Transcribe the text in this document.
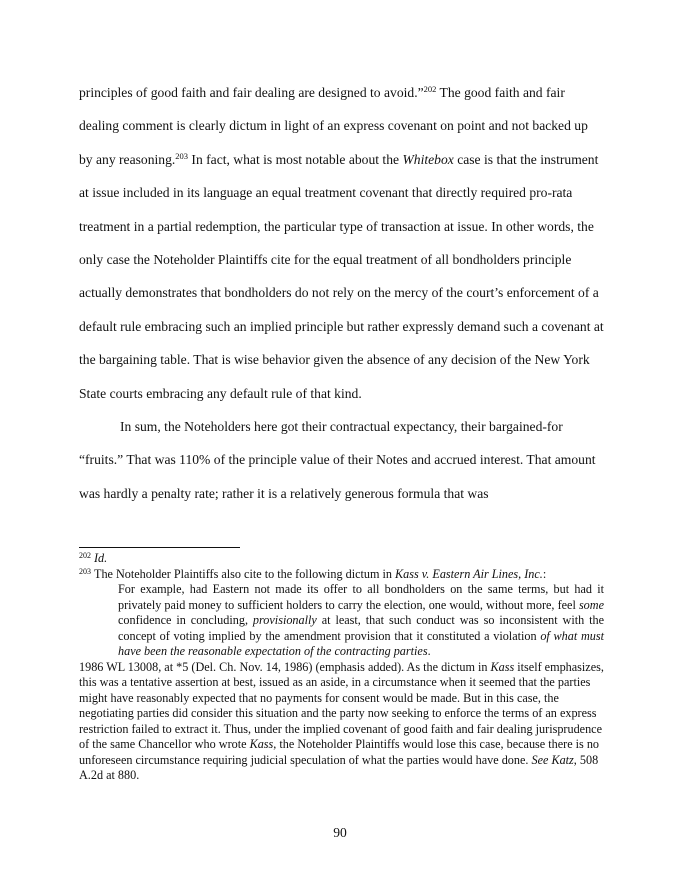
principles of good faith and fair dealing are designed to avoid.”$^{202}$ The good faith and fair dealing comment is clearly dictum in light of an express covenant on point and not backed up by any reasoning.$^{203}$ In fact, what is most notable about the Whitebox case is that the instrument at issue included in its language an equal treatment covenant that directly required pro-rata treatment in a partial redemption, the particular type of transaction at issue. In other words, the only case the Noteholder Plaintiffs cite for the equal treatment of all bondholders principle actually demonstrates that bondholders do not rely on the mercy of the court’s enforcement of a default rule embracing such an implied principle but rather expressly demand such a covenant at the bargaining table. That is wise behavior given the absence of any decision of the New York State courts embracing any default rule of that kind.

In sum, the Noteholders here got their contractual expectancy, their bargained-for “fruits.” That was 110% of the principle value of their Notes and accrued interest. That amount was hardly a penalty rate; rather it is a relatively generous formula that was

$^{202}$ Id.

$^{203}$ The Noteholder Plaintiffs also cite to the following dictum in Kass v. Eastern Air Lines, Inc.:

For example, had Eastern not made its offer to all bondholders on the same terms, but had it privately paid money to sufficient holders to carry the election, one would, without more, feel some confidence in concluding, provisionally at least, that such conduct was so inconsistent with the concept of voting implied by the amendment provision that it constituted a violation of what must have been the reasonable expectation of the contracting parties.

1986 WL 13008, at *5 (Del. Ch. Nov. 14, 1986) (emphasis added). As the dictum in Kass itself emphasizes, this was a tentative assertion at best, issued as an aside, in a circumstance when it seemed that the parties might have reasonably expected that no payments for consent would be made. But in this case, the negotiating parties did consider this situation and the party now seeking to enforce the terms of an express restriction failed to extract it. Thus, under the implied covenant of good faith and fair dealing jurisprudence of the same Chancellor who wrote Kass, the Noteholder Plaintiffs would lose this case, because there is no unforeseen circumstance requiring judicial speculation of what the parties would have done. See Katz, 508 A.2d at 880.

90
